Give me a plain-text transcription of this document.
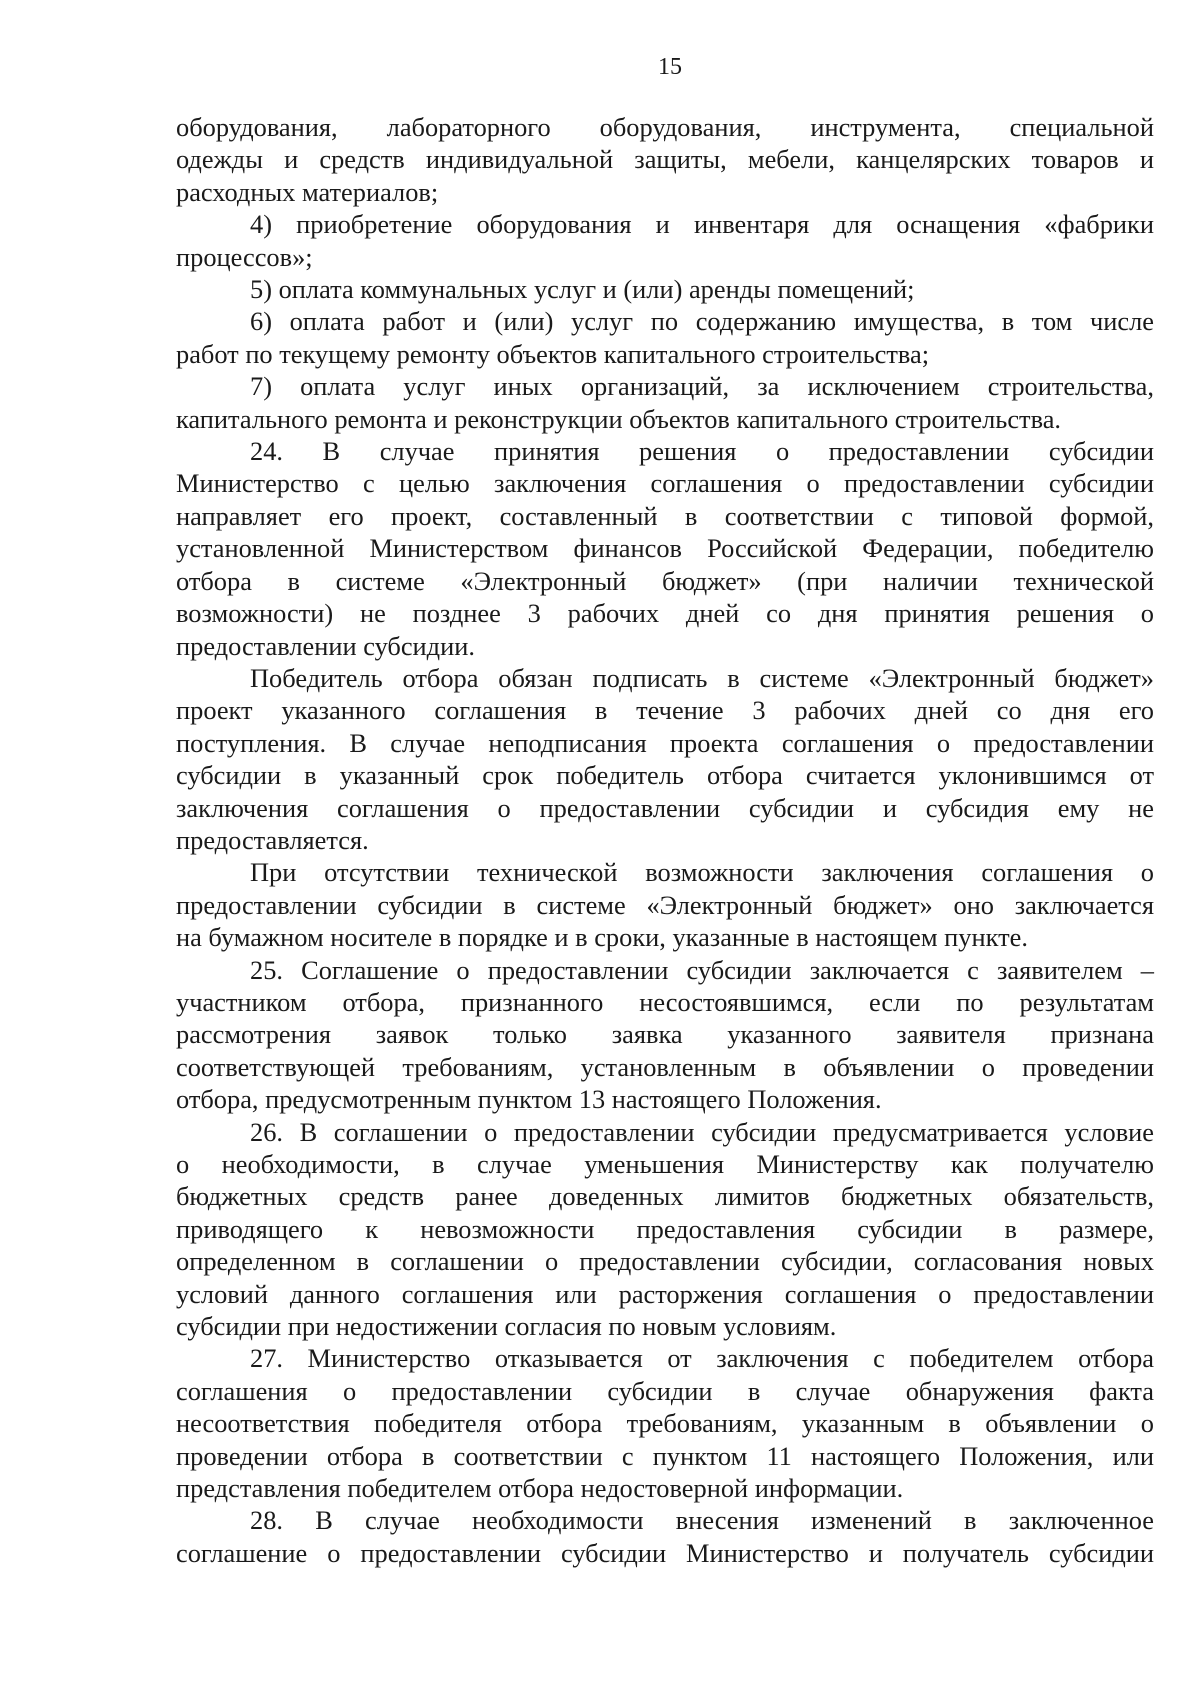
15
оборудования, лабораторного оборудования, инструмента, специальной
одежды и средств индивидуальной защиты, мебели, канцелярских товаров и
расходных материалов;
4) приобретение оборудования и инвентаря для оснащения «фабрики
процессов»;
5) оплата коммунальных услуг и (или) аренды помещений;
6) оплата работ и (или) услуг по содержанию имущества, в том числе
работ по текущему ремонту объектов капитального строительства;
7) оплата услуг иных организаций, за исключением строительства,
капитального ремонта и реконструкции объектов капитального строительства.
24. В случае принятия решения о предоставлении субсидии
Министерство с целью заключения соглашения о предоставлении субсидии
направляет его проект, составленный в соответствии с типовой формой,
установленной Министерством финансов Российской Федерации, победителю
отбора в системе «Электронный бюджет» (при наличии технической
возможности) не позднее 3 рабочих дней со дня принятия решения о
предоставлении субсидии.
Победитель отбора обязан подписать в системе «Электронный бюджет»
проект указанного соглашения в течение 3 рабочих дней со дня его
поступления. В случае неподписания проекта соглашения о предоставлении
субсидии в указанный срок победитель отбора считается уклонившимся от
заключения соглашения о предоставлении субсидии и субсидия ему не
предоставляется.
При отсутствии технической возможности заключения соглашения о
предоставлении субсидии в системе «Электронный бюджет» оно заключается
на бумажном носителе в порядке и в сроки, указанные в настоящем пункте.
25. Соглашение о предоставлении субсидии заключается с заявителем –
участником отбора, признанного несостоявшимся, если по результатам
рассмотрения заявок только заявка указанного заявителя признана
соответствующей требованиям, установленным в объявлении о проведении
отбора, предусмотренным пунктом 13 настоящего Положения.
26. В соглашении о предоставлении субсидии предусматривается условие
о необходимости, в случае уменьшения Министерству как получателю
бюджетных средств ранее доведенных лимитов бюджетных обязательств,
приводящего к невозможности предоставления субсидии в размере,
определенном в соглашении о предоставлении субсидии, согласования новых
условий данного соглашения или расторжения соглашения о предоставлении
субсидии при недостижении согласия по новым условиям.
27. Министерство отказывается от заключения с победителем отбора
соглашения о предоставлении субсидии в случае обнаружения факта
несоответствия победителя отбора требованиям, указанным в объявлении о
проведении отбора в соответствии с пунктом 11 настоящего Положения, или
представления победителем отбора недостоверной информации.
28. В случае необходимости внесения изменений в заключенное
соглашение о предоставлении субсидии Министерство и получатель субсидии
